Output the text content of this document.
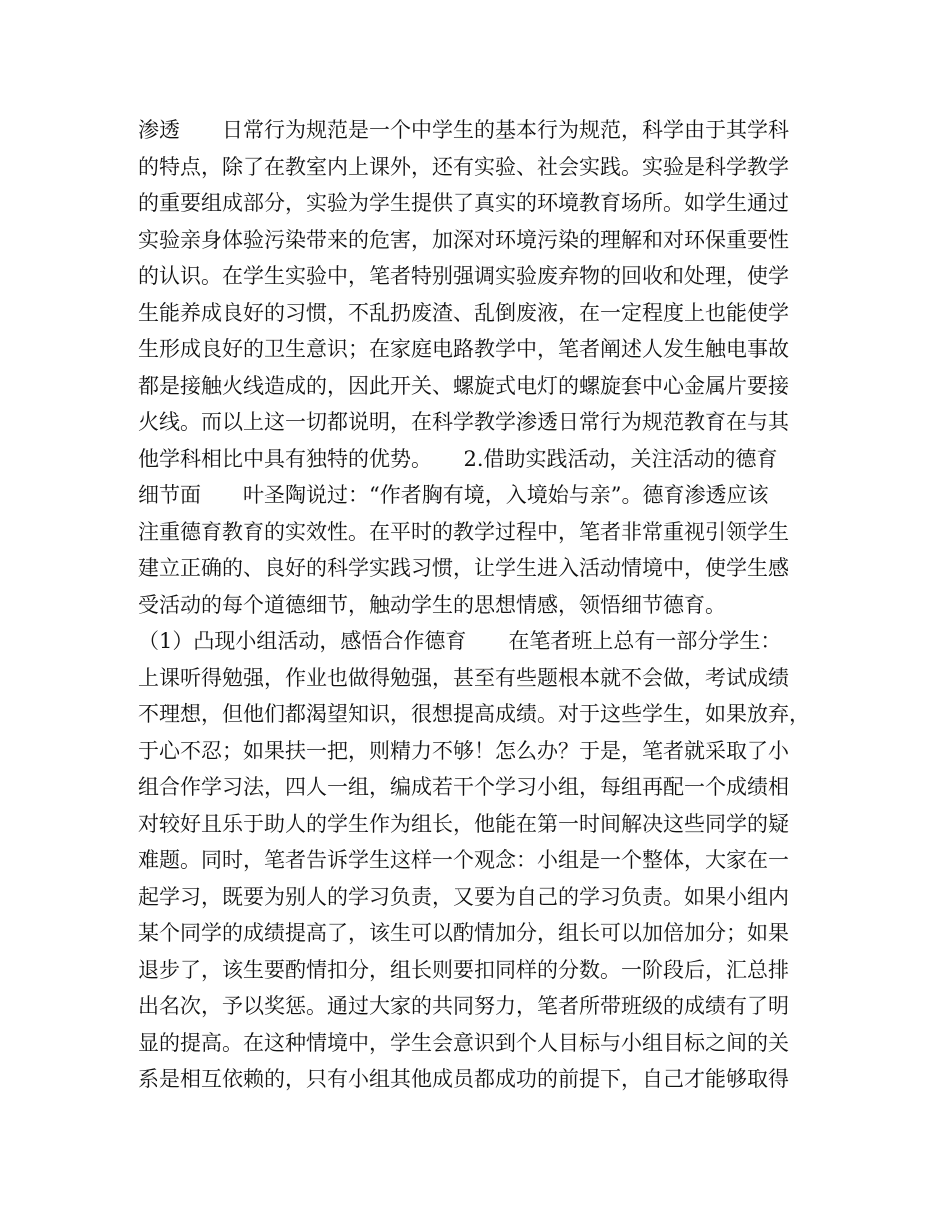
渗透　　日常行为规范是一个中学生的基本行为规范，科学由于其学科
的特点，除了在教室内上课外，还有实验、社会实践。实验是科学教学
的重要组成部分，实验为学生提供了真实的环境教育场所。如学生通过
实验亲身体验污染带来的危害，加深对环境污染的理解和对环保重要性
的认识。在学生实验中，笔者特别强调实验废弃物的回收和处理，使学
生能养成良好的习惯，不乱扔废渣、乱倒废液，在一定程度上也能使学
生形成良好的卫生意识；在家庭电路教学中，笔者阐述人发生触电事故
都是接触火线造成的，因此开关、螺旋式电灯的螺旋套中心金属片要接
火线。而以上这一切都说明，在科学教学渗透日常行为规范教育在与其
他学科相比中具有独特的优势。　　2.借助实践活动，关注活动的德育
细节面　　叶圣陶说过：“作者胸有境，入境始与亲”。德育渗透应该
注重德育教育的实效性。在平时的教学过程中，笔者非常重视引领学生
建立正确的、良好的科学实践习惯，让学生进入活动情境中，使学生感
受活动的每个道德细节，触动学生的思想情感，领悟细节德育。
（1）凸现小组活动，感悟合作德育　　在笔者班上总有一部分学生：
上课听得勉强，作业也做得勉强，甚至有些题根本就不会做，考试成绩
不理想，但他们都渴望知识，很想提高成绩。对于这些学生，如果放弃，
于心不忍；如果扶一把，则精力不够！怎么办？于是，笔者就采取了小
组合作学习法，四人一组，编成若干个学习小组，每组再配一个成绩相
对较好且乐于助人的学生作为组长，他能在第一时间解决这些同学的疑
难题。同时，笔者告诉学生这样一个观念：小组是一个整体，大家在一
起学习，既要为别人的学习负责，又要为自己的学习负责。如果小组内
某个同学的成绩提高了，该生可以酌情加分，组长可以加倍加分；如果
退步了，该生要酌情扣分，组长则要扣同样的分数。一阶段后，汇总排
出名次，予以奖惩。通过大家的共同努力，笔者所带班级的成绩有了明
显的提高。在这种情境中，学生会意识到个人目标与小组目标之间的关
系是相互依赖的，只有小组其他成员都成功的前提下，自己才能够取得
